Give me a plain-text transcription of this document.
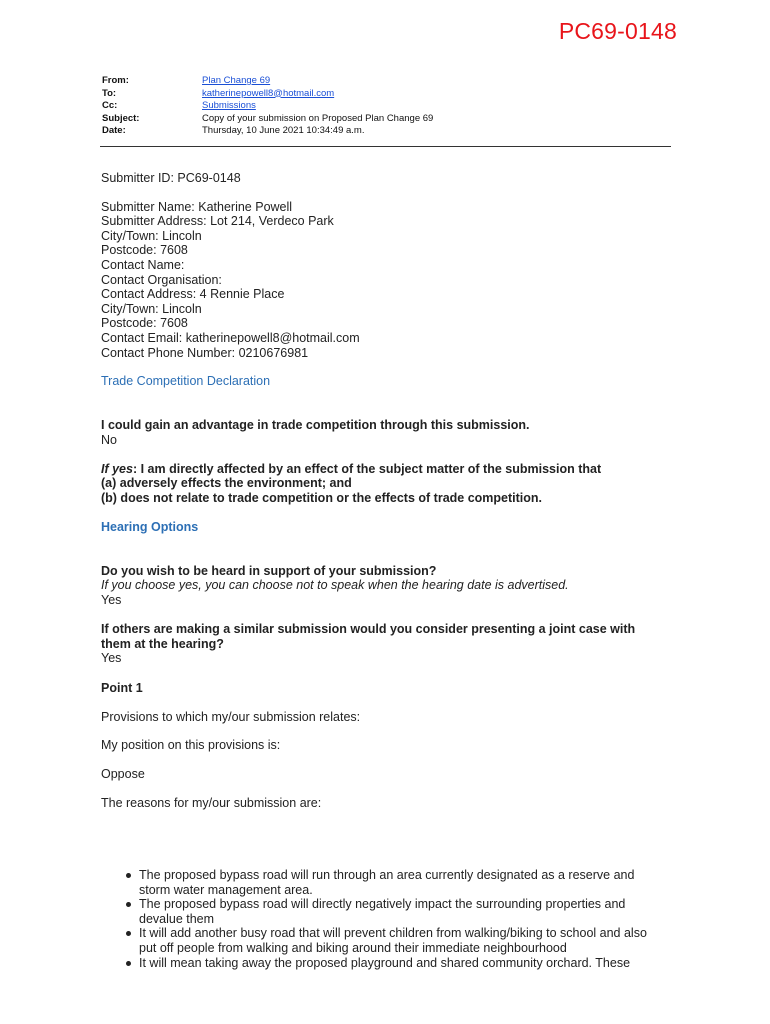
PC69-0148
From:	Plan Change 69
To:	katherinepowell8@hotmail.com
Cc:	Submissions
Subject:	Copy of your submission on Proposed Plan Change 69
Date:	Thursday, 10 June 2021 10:34:49 a.m.

Submitter ID: PC69-0148

Submitter Name: Katherine Powell

Submitter Address: Lot 214, Verdeco Park

City/Town: Lincoln

Postcode: 7608

Contact Name:

Contact Organisation:

Contact Address: 4 Rennie Place

City/Town: Lincoln

Postcode: 7608

Contact Email: katherinepowell8@hotmail.com

Contact Phone Number: 0210676981

Trade Competition Declaration

I could gain an advantage in trade competition through this submission.

No

If yes: I am directly affected by an effect of the subject matter of the submission that

(a) adversely effects the environment; and

(b) does not relate to trade competition or the effects of trade competition.

Hearing Options

Do you wish to be heard in support of your submission?

If you choose yes, you can choose not to speak when the hearing date is advertised.

Yes

If others are making a similar submission would you consider presenting a joint case with

them at the hearing?

Yes

Point 1

Provisions to which my/our submission relates:

My position on this provisions is:

Oppose

The reasons for my/our submission are:

The proposed bypass road will run through an area currently designated as a reserve and
storm water management area.
The proposed bypass road will directly negatively impact the surrounding properties and
devalue them
It will add another busy road that will prevent children from walking/biking to school and also
put off people from walking and biking around their immediate neighbourhood
It will mean taking away the proposed playground and shared community orchard. These
